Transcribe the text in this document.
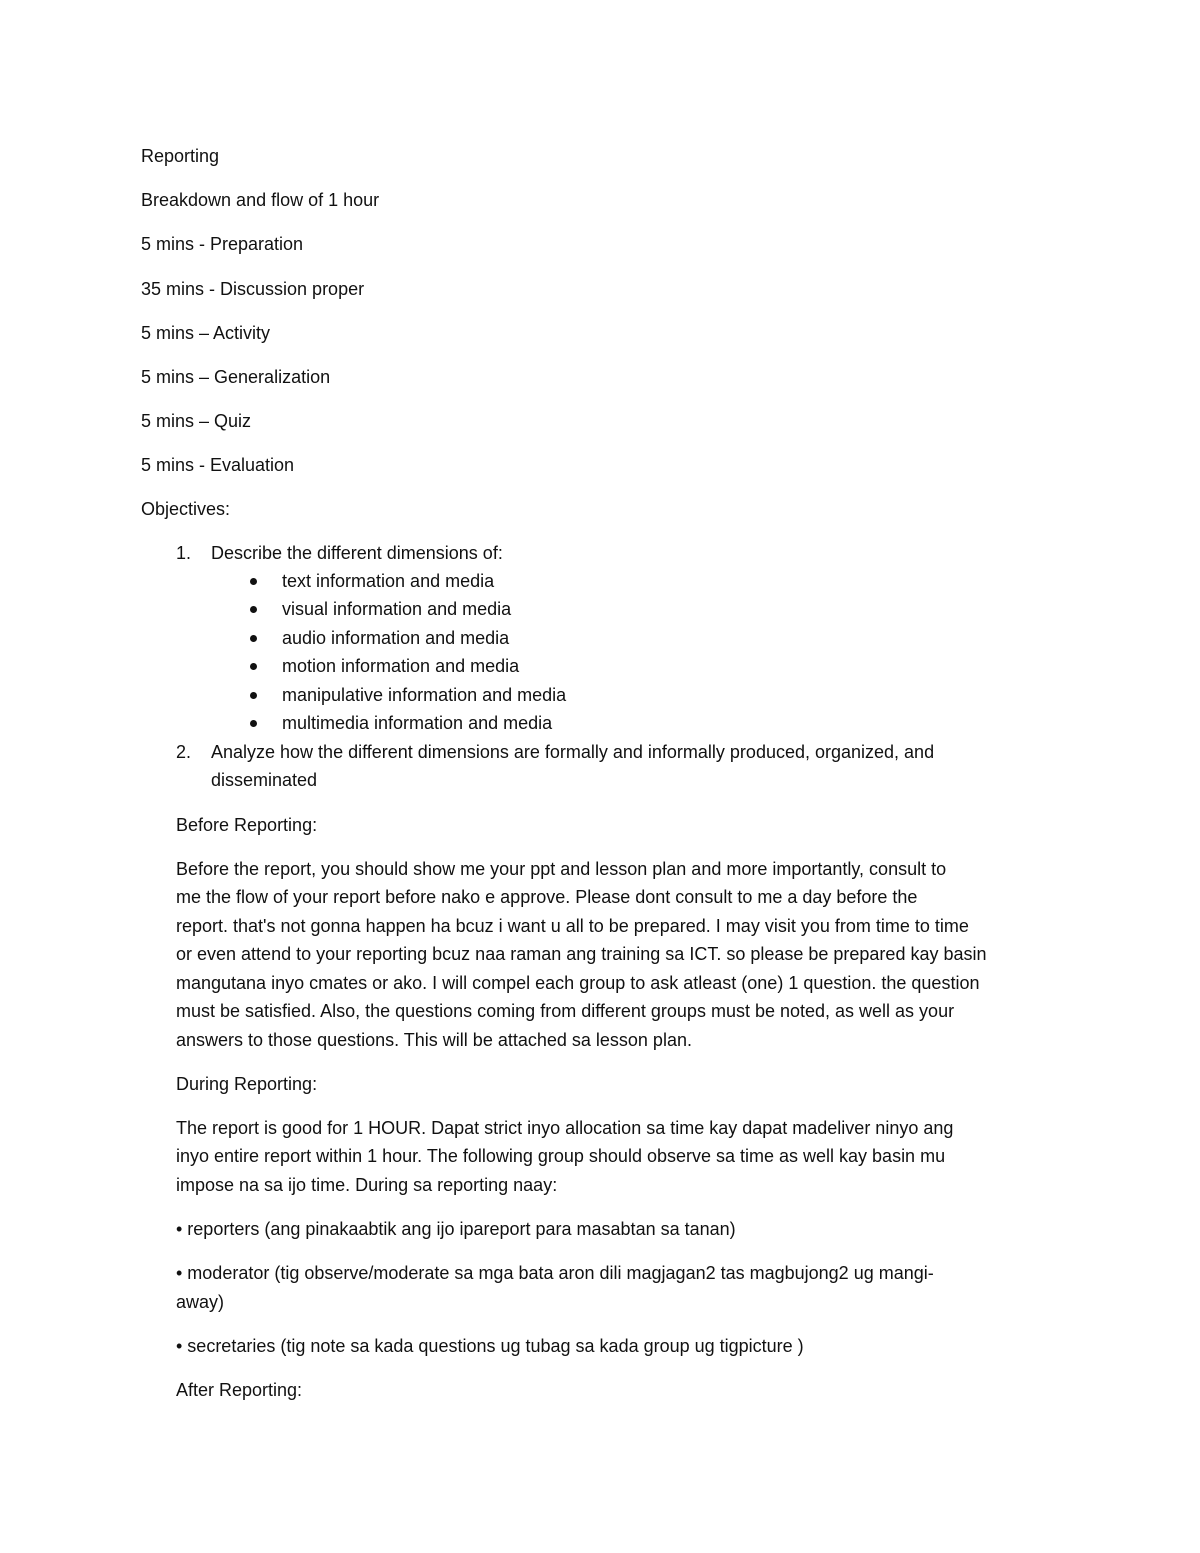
Reporting
Breakdown and flow of 1 hour
5 mins - Preparation
35 mins - Discussion proper
5 mins – Activity
5 mins – Generalization
5 mins – Quiz
5 mins - Evaluation
Objectives:
1.	Describe the different dimensions of:
text information and media
visual information and media
audio information and media
motion information and media
manipulative information and media
multimedia information and media
2.	Analyze how the different dimensions are formally and informally produced, organized, and
disseminated
Before Reporting:
Before the report, you should show me your ppt and lesson plan and more importantly, consult to
me the flow of your report before nako e approve. Please dont consult to me a day before the
report. that's not gonna happen ha bcuz i want u all to be prepared. I may visit you from time to time
or even attend to your reporting bcuz naa raman ang training sa ICT. so please be prepared kay basin
mangutana inyo cmates or ako. I will compel each group to ask atleast (one) 1 question. the question
must be satisfied. Also, the questions coming from different groups must be noted, as well as your
answers to those questions. This will be attached sa lesson plan.
During Reporting:
The report is good for 1 HOUR. Dapat strict inyo allocation sa time kay dapat madeliver ninyo ang
inyo entire report within 1 hour. The following group should observe sa time as well kay basin mu
impose na sa ijo time. During sa reporting naay:
• reporters (ang pinakaabtik ang ijo ipareport para masabtan sa tanan)
• moderator (tig observe/moderate sa mga bata aron dili magjagan2 tas magbujong2 ug mangi-
away)
• secretaries (tig note sa kada questions ug tubag sa kada group ug tigpicture )
After Reporting:
